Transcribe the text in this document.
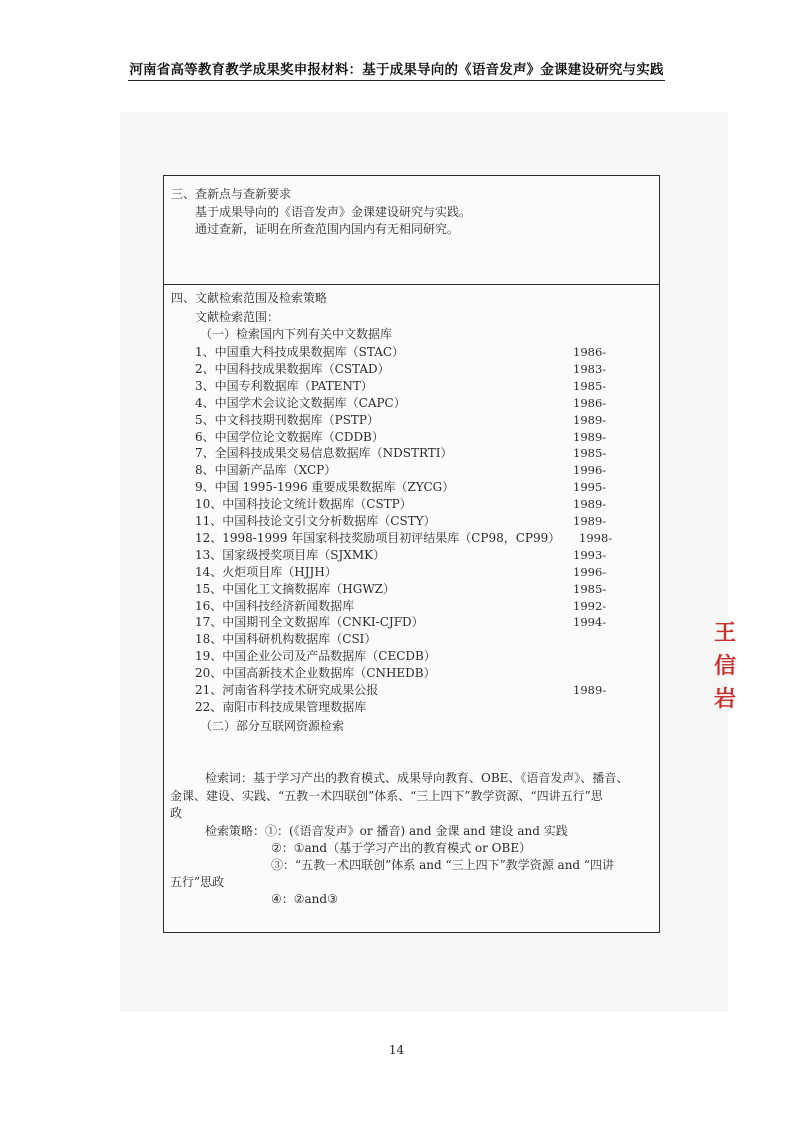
河南省高等教育教学成果奖申报材料：基于成果导向的《语音发声》金课建设研究与实践
三、查新点与查新要求
基于成果导向的《语音发声》金课建设研究与实践。
通过查新，证明在所查范围内国内有无相同研究。
四、文献检索范围及检索策略
文献检索范围：
（一）检索国内下列有关中文数据库
1、中国重大科技成果数据库（STAC）	1986-
2、中国科技成果数据库（CSTAD）	1983-
3、中国专利数据库（PATENT）	1985-
4、中国学术会议论文数据库（CAPC）	1986-
5、中文科技期刊数据库（PSTP）	1989-
6、中国学位论文数据库（CDDB）	1989-
7、全国科技成果交易信息数据库（NDSTRTI）	1985-
8、中国新产品库（XCP）	1996-
9、中国 1995-1996 重要成果数据库（ZYCG）	1995-
10、中国科技论文统计数据库（CSTP）	1989-
11、中国科技论文引文分析数据库（CSTY）	1989-
12、1998-1999 年国家科技奖励项目初评结果库（CP98，CP99） 1998-
13、国家级授奖项目库（SJXMK）	1993-
14、火炬项目库（HJJH）	1996-
15、中国化工文摘数据库（HGWZ）	1985-
16、中国科技经济新闻数据库	1992-
17、中国期刊全文数据库（CNKI-CJFD）	1994-
18、中国科研机构数据库（CSI）
19、中国企业公司及产品数据库（CECDB）
20、中国高新技术企业数据库（CNHEDB）
21、河南省科学技术研究成果公报	1989-
22、南阳市科技成果管理数据库
（二）部分互联网资源检索
检索词：基于学习产出的教育模式、成果导向教育、OBE、《语音发声》、播音、
金课、建设、实践、“五教一术四联创”体系、“三上四下”教学资源、“四讲五行”思
政
检索策略：①：(《语音发声》or 播音) and 金课 and 建设 and 实践
②：①and（基于学习产出的教育模式 or OBE）
③：“五教一术四联创”体系 and “三上四下”教学资源 and “四讲
五行”思政
④：②and③
王
信
岩
14
